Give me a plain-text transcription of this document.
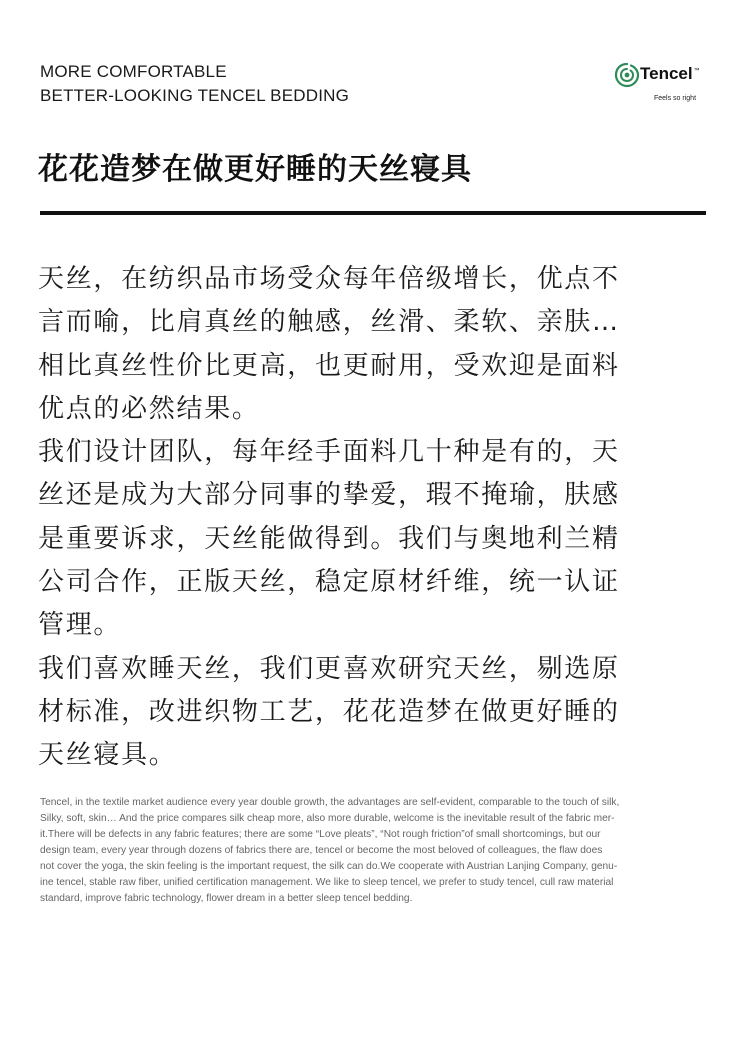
MORE COMFORTABLE
BETTER-LOOKING TENCEL BEDDING
Tencel™
Feels so right
花花造梦在做更好睡的天丝寝具
天丝，在纺织品市场受众每年倍级增长，优点不
言而喻，比肩真丝的触感，丝滑、柔软、亲肤…
相比真丝性价比更高，也更耐用，受欢迎是面料
优点的必然结果。
我们设计团队，每年经手面料几十种是有的，天
丝还是成为大部分同事的挚爱，瑕不掩瑜，肤感
是重要诉求，天丝能做得到。我们与奥地利兰精
公司合作，正版天丝，稳定原材纤维，统一认证
管理。
我们喜欢睡天丝，我们更喜欢研究天丝，剔选原
材标准，改进织物工艺，花花造梦在做更好睡的
天丝寝具。
Tencel, in the textile market audience every year double growth, the advantages are self-evident, comparable to the touch of silk,
Silky, soft, skin… And the price compares silk cheap more, also more durable, welcome is the inevitable result of the fabric mer-
it.There will be defects in any fabric features; there are some “Love pleats”, “Not rough friction”of small shortcomings, but our
design team, every year through dozens of fabrics there are, tencel or become the most beloved of colleagues, the flaw does
not cover the yoga, the skin feeling is the important request, the silk can do.We cooperate with Austrian Lanjing Company, genu-
ine tencel, stable raw fiber, unified certification management. We like to sleep tencel, we prefer to study tencel, cull raw material
standard, improve fabric technology, flower dream in a better sleep tencel bedding.
